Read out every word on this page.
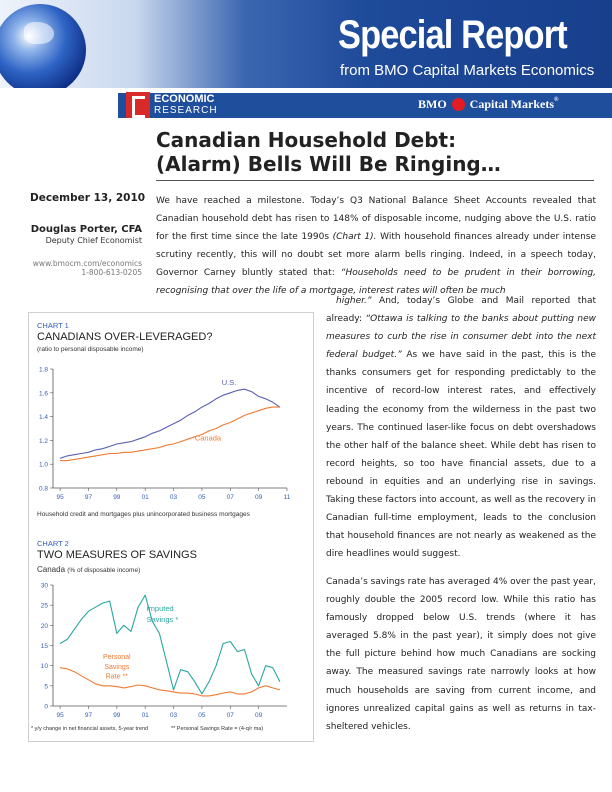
Special Report
from BMO Capital Markets Economics
ECONOMIC
RESEARCH	BMO Capital Markets®
Canadian Household Debt:
(Alarm) Bells Will Be Ringing…
December 13, 2010
Douglas Porter, CFA
Deputy Chief Economist
www.bmocm.com/economics
1-800-613-0205

We have reached a milestone. Today’s Q3 National Balance Sheet Accounts revealed that Canadian household debt has risen to 148% of disposable income, nudging above the U.S. ratio for the first time since the late 1990s (Chart 1). With household finances already under intense scrutiny recently, this will no doubt set more alarm bells ringing. Indeed, in a speech today, Governor Carney bluntly stated that: “Households need to be prudent in their borrowing, recognising that over the life of a mortgage, interest rates will often be much

higher.” And, today’s Globe and Mail reported that already: “Ottawa is talking to the banks about putting new measures to curb the rise in consumer debt into the next federal budget.” As we have said in the past, this is the thanks consumers get for responding predictably to the incentive of record-low interest rates, and effectively leading the economy from the wilderness in the past two years. The continued laser-like focus on debt overshadows the other half of the balance sheet. While debt has risen to record heights, so too have financial assets, due to a rebound in equities and an underlying rise in savings. Taking these factors into account, as well as the recovery in Canadian full-time employment, leads to the conclusion that household finances are not nearly as weakened as the dire headlines would suggest.

Canada’s savings rate has averaged 4% over the past year, roughly double the 2005 record low. While this ratio has famously dropped below U.S. trends (where it has averaged 5.8% in the past year), it simply does not give the full picture behind how much Canadians are socking away. The measured savings rate narrowly looks at how much households are saving from current income, and ignores unrealized capital gains as well as returns in tax-sheltered vehicles.

CHART 1
CANADIANS OVER-LEVERAGED?
(ratio to personal disposable income)
0.8
1.0
1.2
1.4
1.6
1.8
95	97	99	01	03	05	07	09	11
U.S.
Canada
Household credit and mortgages plus unincorporated business mortgages
CHART 2
TWO MEASURES OF SAVINGS
Canada (% of disposable income)
0
5
10
15
20
25
30
95	97	99	01	03	05	07	09
Imputed
Savings *
Personal
Savings
Rate **
* y/y change in net financial assets, 5-year trend	** Personal Savings Rate = (4-q/r ma)
